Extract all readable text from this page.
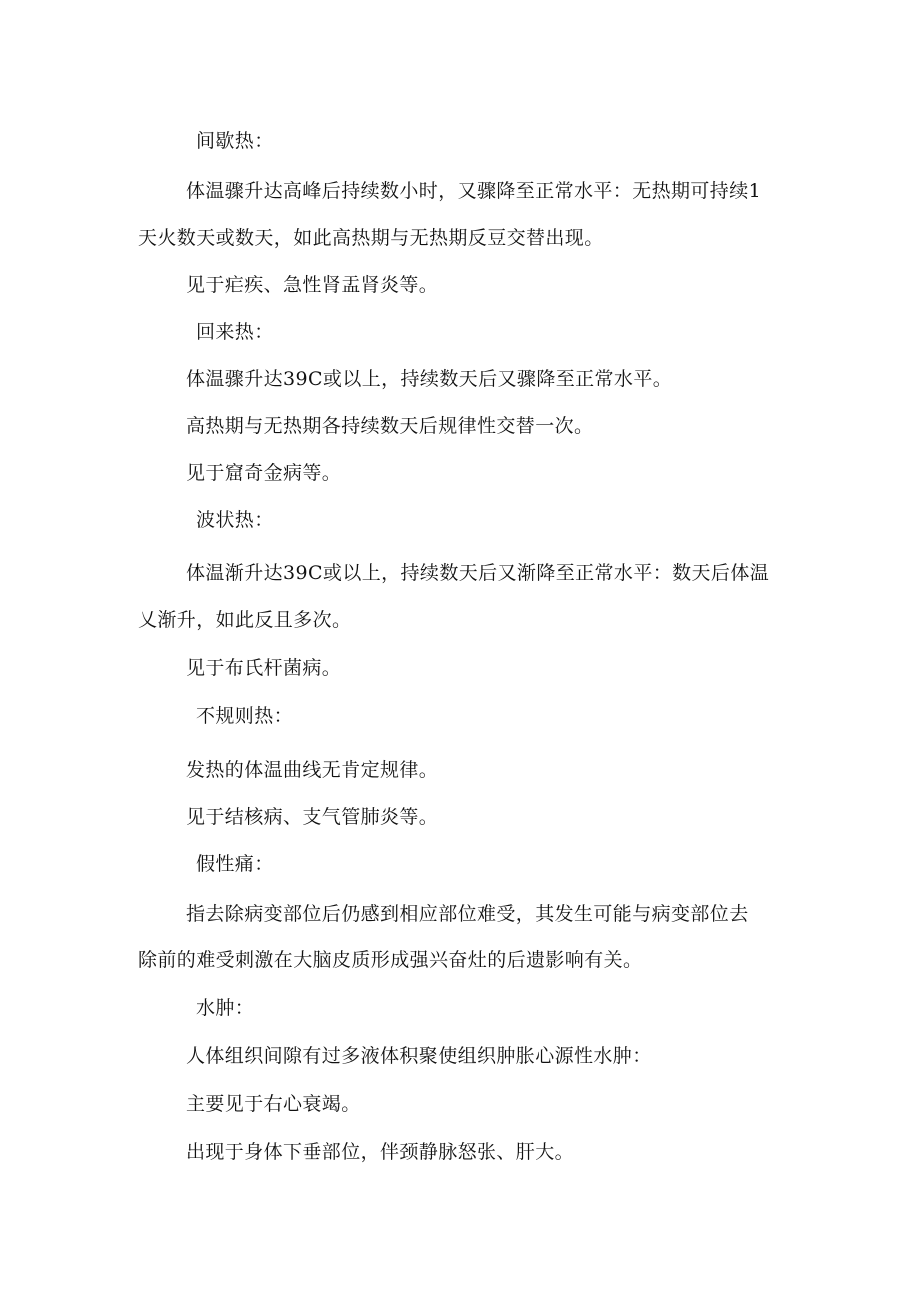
间歇热：
体温骤升达高峰后持续数小时，又骤降至正常水平：无热期可持续1
天火数天或数天，如此高热期与无热期反豆交替出现。
见于疟疾、急性肾盂肾炎等。
回来热：
体温骤升达39C或以上，持续数天后又骤降至正常水平。
高热期与无热期各持续数天后规律性交替一次。
见于窟奇金病等。
波状热：
体温渐升达39C或以上，持续数天后又渐降至正常水平：数天后体温
乂渐升，如此反且多次。
见于布氏杆菌病。
不规则热：
发热的体温曲线无肯定规律。
见于结核病、支气管肺炎等。
假性痛：
指去除病变部位后仍感到相应部位难受，其发生可能与病变部位去
除前的难受刺激在大脑皮质形成强兴奋灶的后遗影响有关。
水肿：
人体组织间隙有过多液体积聚使组织肿胀心源性水肿：
主要见于右心衰竭。
出现于身体下垂部位，伴颈静脉怒张、肝大。
